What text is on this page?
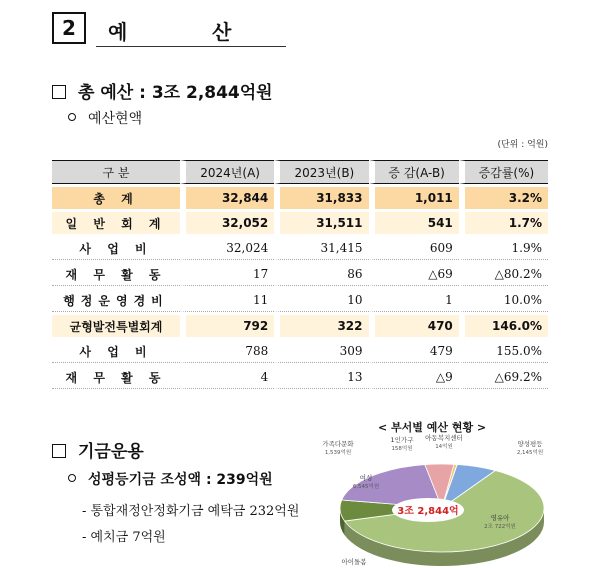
2	예	산
총 예산 : 3조 2,844억원
예산현액
(단위 : 억원)
구 분	2024년(A)	2023년(B)	증 감(A-B)	증감률(%)
총 계	32,844	31,833	1,011	3.2%
일 반 회 계	32,052	31,511	541	1.7%
사 업 비	32,024	31,415	609	1.9%
재 무 활 동	17	86	△69	△80.2%
행정운영경비	11	10	1	10.0%
균형발전특별회계	792	322	470	146.0%
사 업 비	788	309	479	155.0%
재 무 활 동	4	13	△9	△69.2%
기금운용
성평등기금 조성액 : 239억원
- 통합재정안정화기금 예탁금 232억원
- 예치금 7억원
< 부서별 예산 현황 >
3조 2,844억
영유아
2조 722억원
아이돌봄
여성
6,545억원
가족다문화
1,539억원
1인가구
158억원
아동복지센터
14억원	양성평등
2,145억원
